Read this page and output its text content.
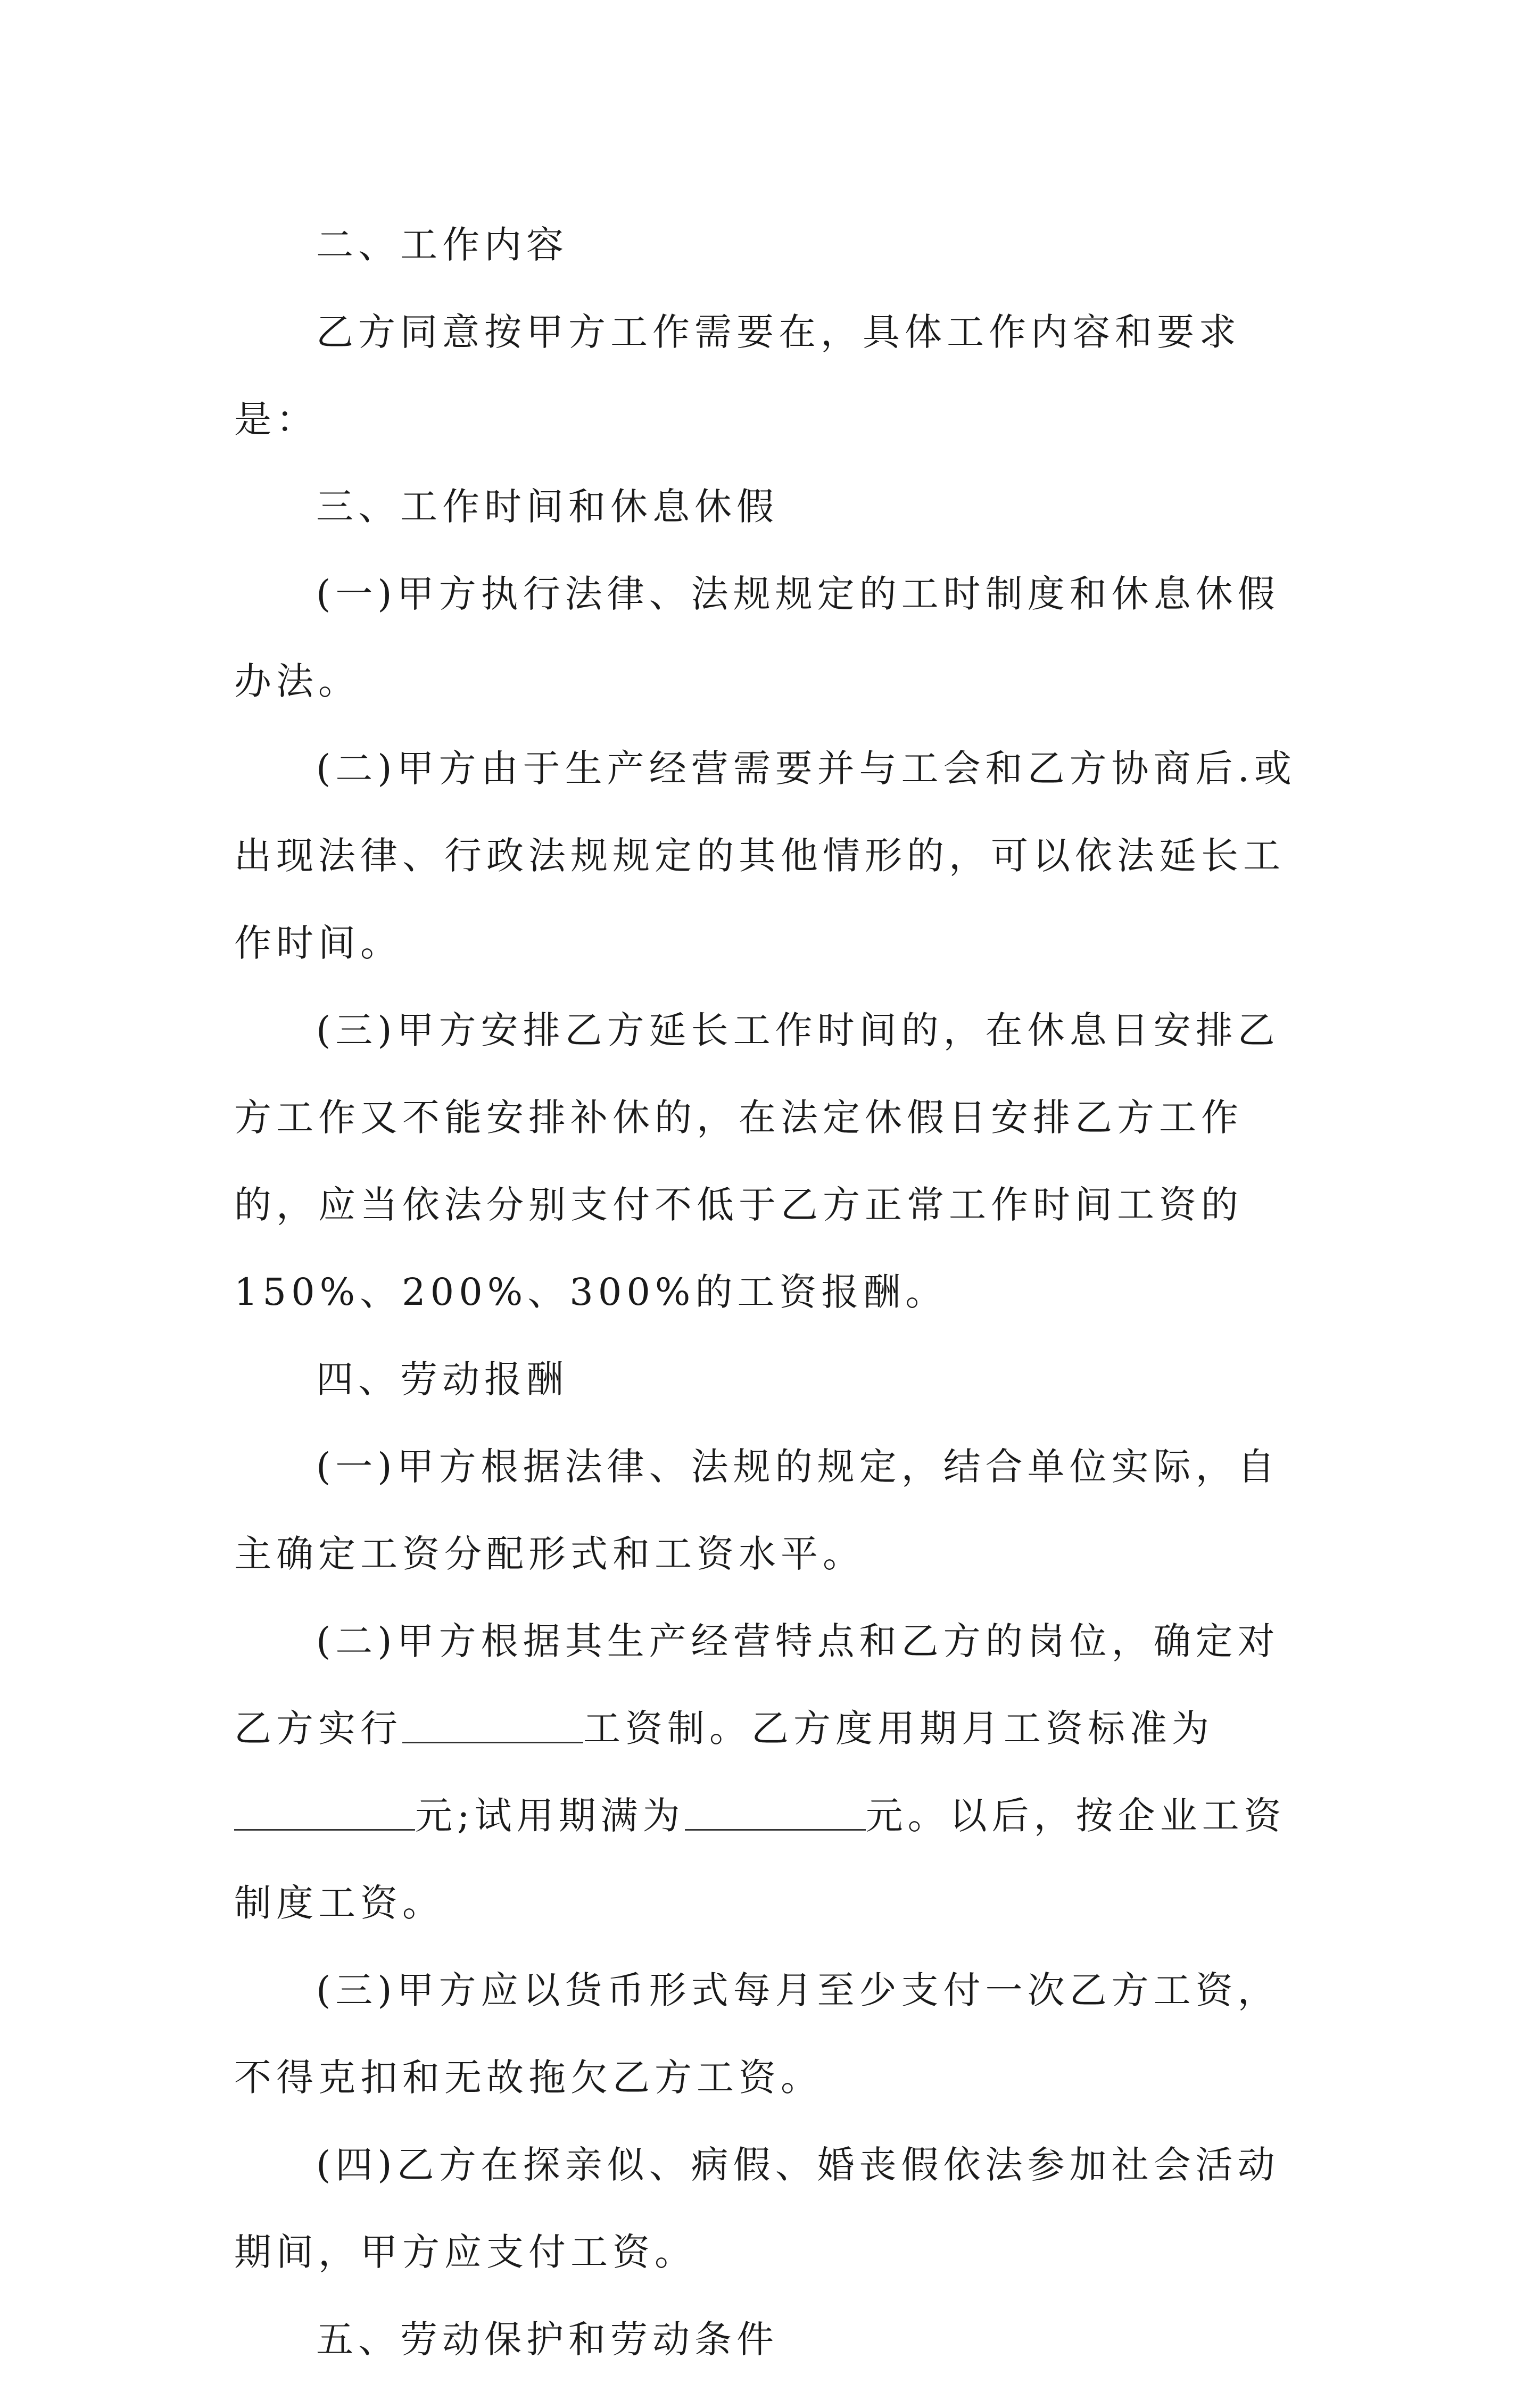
二、工作内容

乙方同意按甲方工作需要在，具体工作内容和要求是：

三、工作时间和休息休假

(一)甲方执行法律、法规规定的工时制度和休息休假办法。

(二)甲方由于生产经营需要并与工会和乙方协商后.或出现法律、行政法规规定的其他情形的，可以依法延长工作时间。

(三)甲方安排乙方延长工作时间的，在休息日安排乙方工作又不能安排补休的，在法定休假日安排乙方工作的，应当依法分别支付不低于乙方正常工作时间工资的150%、200%、300%的工资报酬。

四、劳动报酬

(一)甲方根据法律、法规的规定，结合单位实际，自主确定工资分配形式和工资水平。

(二)甲方根据其生产经营特点和乙方的岗位，确定对乙方实行	工资制。乙方度用期月工资标准为元;试用期满为	元。以后，按企业工资制度工资。

(三)甲方应以货币形式每月至少支付一次乙方工资，不得克扣和无故拖欠乙方工资。

(四)乙方在探亲似、病假、婚丧假依法参加社会活动期间，甲方应支付工资。

五、劳动保护和劳动条件
